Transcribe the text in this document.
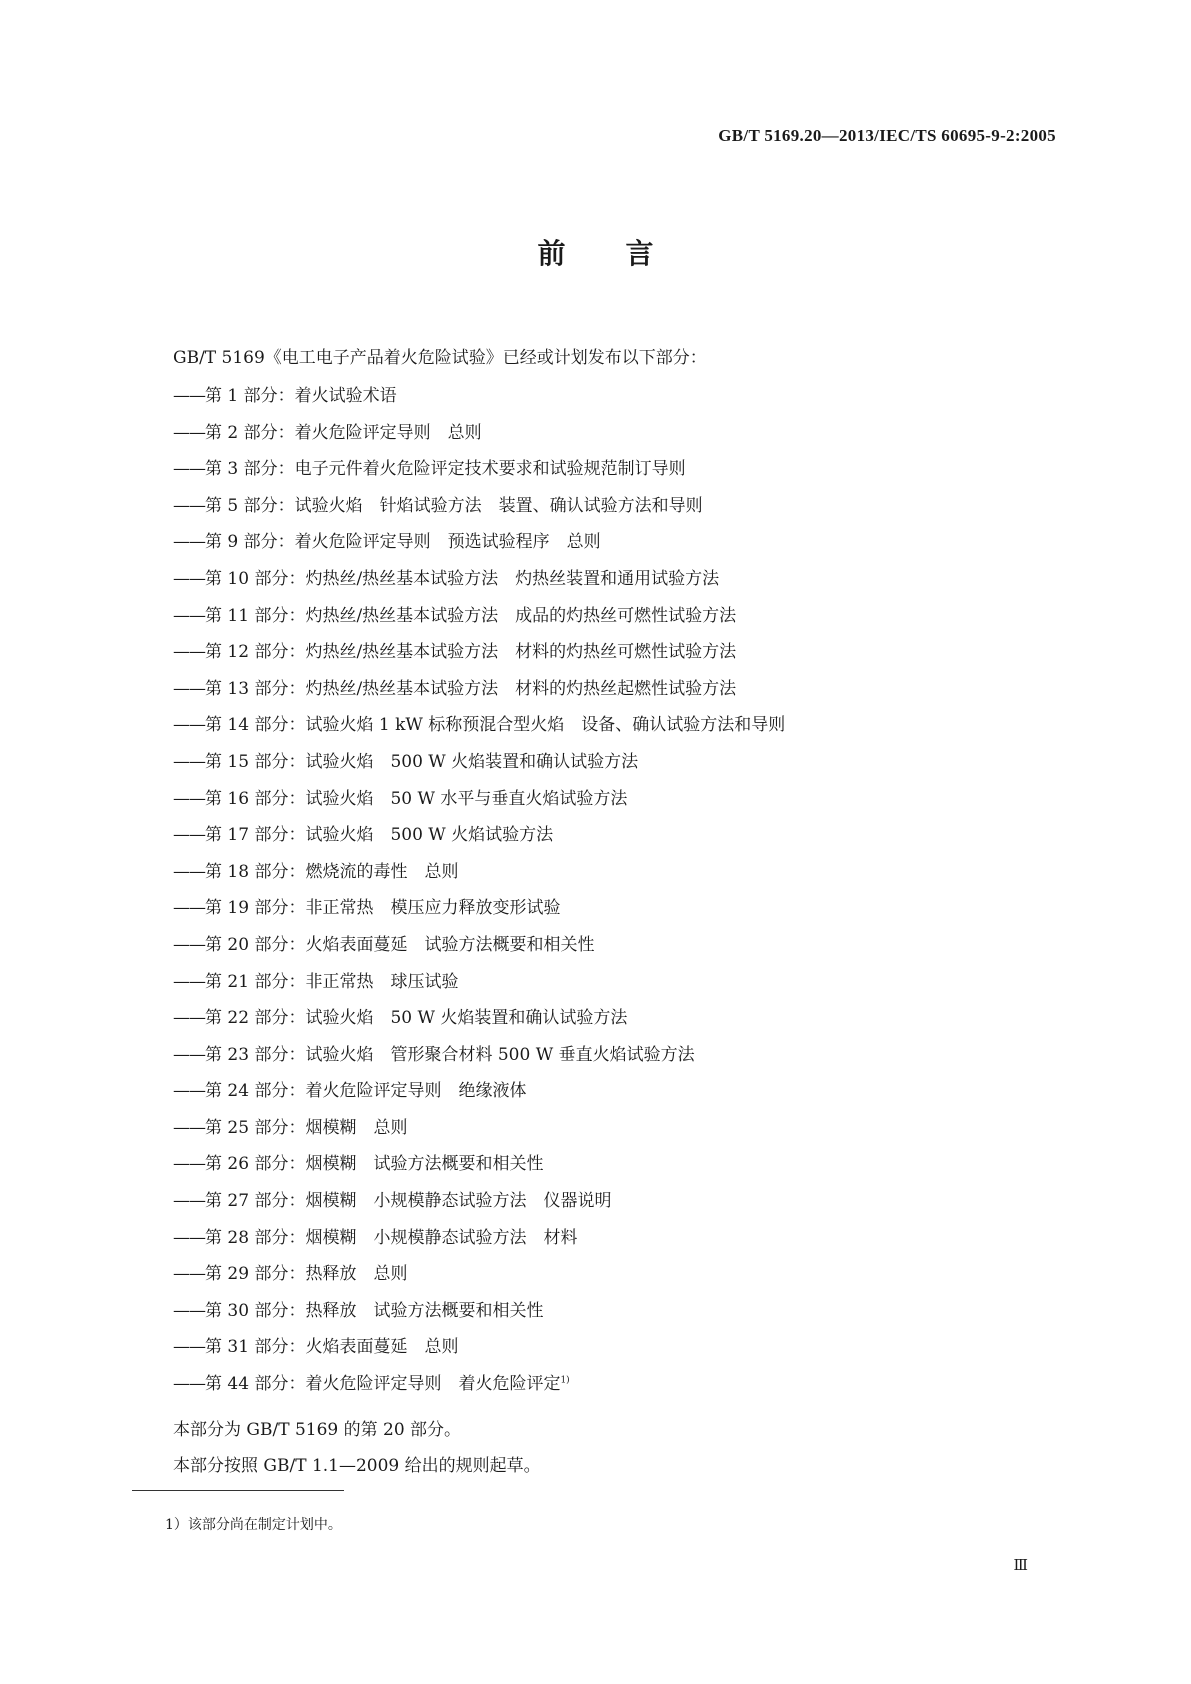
GB/T 5169.20—2013/IEC/TS 60695-9-2:2005
前言
GB/T 5169《电工电子产品着火危险试验》已经或计划发布以下部分：
——第 1 部分：着火试验术语
——第 2 部分：着火危险评定导则　总则
——第 3 部分：电子元件着火危险评定技术要求和试验规范制订导则
——第 5 部分：试验火焰　针焰试验方法　装置、确认试验方法和导则
——第 9 部分：着火危险评定导则　预选试验程序　总则
——第 10 部分：灼热丝/热丝基本试验方法　灼热丝装置和通用试验方法
——第 11 部分：灼热丝/热丝基本试验方法　成品的灼热丝可燃性试验方法
——第 12 部分：灼热丝/热丝基本试验方法　材料的灼热丝可燃性试验方法
——第 13 部分：灼热丝/热丝基本试验方法　材料的灼热丝起燃性试验方法
——第 14 部分：试验火焰 1 kW 标称预混合型火焰　设备、确认试验方法和导则
——第 15 部分：试验火焰　500 W 火焰装置和确认试验方法
——第 16 部分：试验火焰　50 W 水平与垂直火焰试验方法
——第 17 部分：试验火焰　500 W 火焰试验方法
——第 18 部分：燃烧流的毒性　总则
——第 19 部分：非正常热　模压应力释放变形试验
——第 20 部分：火焰表面蔓延　试验方法概要和相关性
——第 21 部分：非正常热　球压试验
——第 22 部分：试验火焰　50 W 火焰装置和确认试验方法
——第 23 部分：试验火焰　管形聚合材料 500 W 垂直火焰试验方法
——第 24 部分：着火危险评定导则　绝缘液体
——第 25 部分：烟模糊　总则
——第 26 部分：烟模糊　试验方法概要和相关性
——第 27 部分：烟模糊　小规模静态试验方法　仪器说明
——第 28 部分：烟模糊　小规模静态试验方法　材料
——第 29 部分：热释放　总则
——第 30 部分：热释放　试验方法概要和相关性
——第 31 部分：火焰表面蔓延　总则
——第 44 部分：着火危险评定导则　着火危险评定$^{1)}$
本部分为 GB/T 5169 的第 20 部分。
本部分按照 GB/T 1.1—2009 给出的规则起草。
1）该部分尚在制定计划中。
Ⅲ
